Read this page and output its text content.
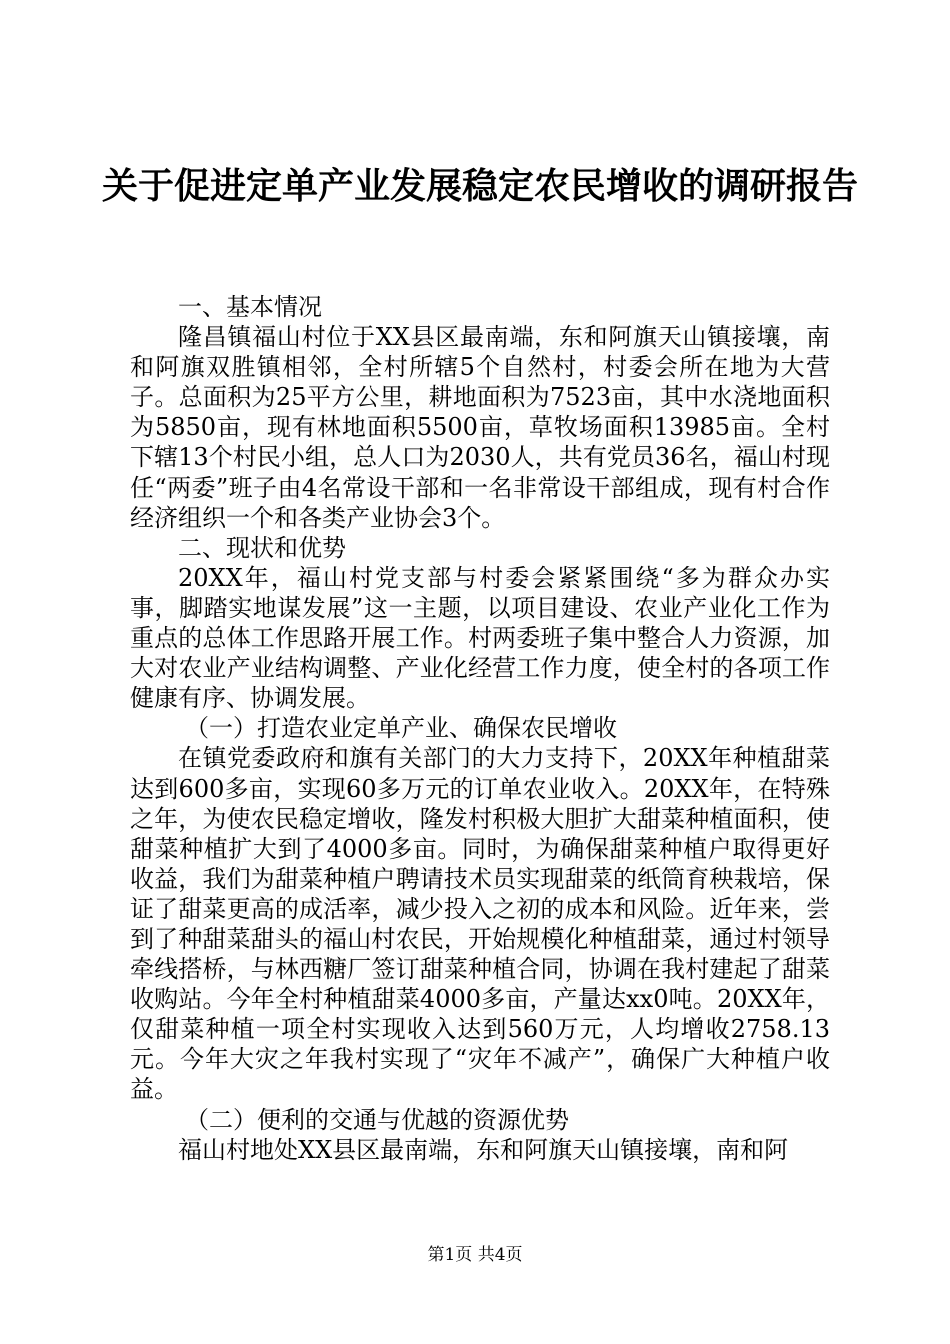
关于促进定单产业发展稳定农民增收的调研报告

一、基本情况

隆昌镇福山村位于XX县区最南端，东和阿旗天山镇接壤，南和阿旗双胜镇相邻，全村所辖5个自然村，村委会所在地为大营子。总面积为25平方公里，耕地面积为7523亩，其中水浇地面积为5850亩，现有林地面积5500亩，草牧场面积13985亩。全村下辖13个村民小组，总人口为2030人，共有党员36名，福山村现任“两委”班子由4名常设干部和一名非常设干部组成，现有村合作经济组织一个和各类产业协会3个。

二、现状和优势

20XX年，福山村党支部与村委会紧紧围绕“多为群众办实事，脚踏实地谋发展”这一主题，以项目建设、农业产业化工作为重点的总体工作思路开展工作。村两委班子集中整合人力资源，加大对农业产业结构调整、产业化经营工作力度，使全村的各项工作健康有序、协调发展。

（一）打造农业定单产业、确保农民增收

在镇党委政府和旗有关部门的大力支持下，20XX年种植甜菜达到600多亩，实现60多万元的订单农业收入。20XX年，在特殊之年，为使农民稳定增收，隆发村积极大胆扩大甜菜种植面积，使甜菜种植扩大到了4000多亩。同时，为确保甜菜种植户取得更好收益，我们为甜菜种植户聘请技术员实现甜菜的纸筒育秧栽培，保证了甜菜更高的成活率，减少投入之初的成本和风险。近年来，尝到了种甜菜甜头的福山村农民，开始规模化种植甜菜，通过村领导牵线搭桥，与林西糖厂签订甜菜种植合同，协调在我村建起了甜菜收购站。今年全村种植甜菜4000多亩，产量达xx0吨。20XX年，仅甜菜种植一项全村实现收入达到560万元，人均增收2758.13元。今年大灾之年我村实现了“灾年不减产”，确保广大种植户收益。

（二）便利的交通与优越的资源优势

福山村地处XX县区最南端，东和阿旗天山镇接壤，南和阿

第1页 共4页
